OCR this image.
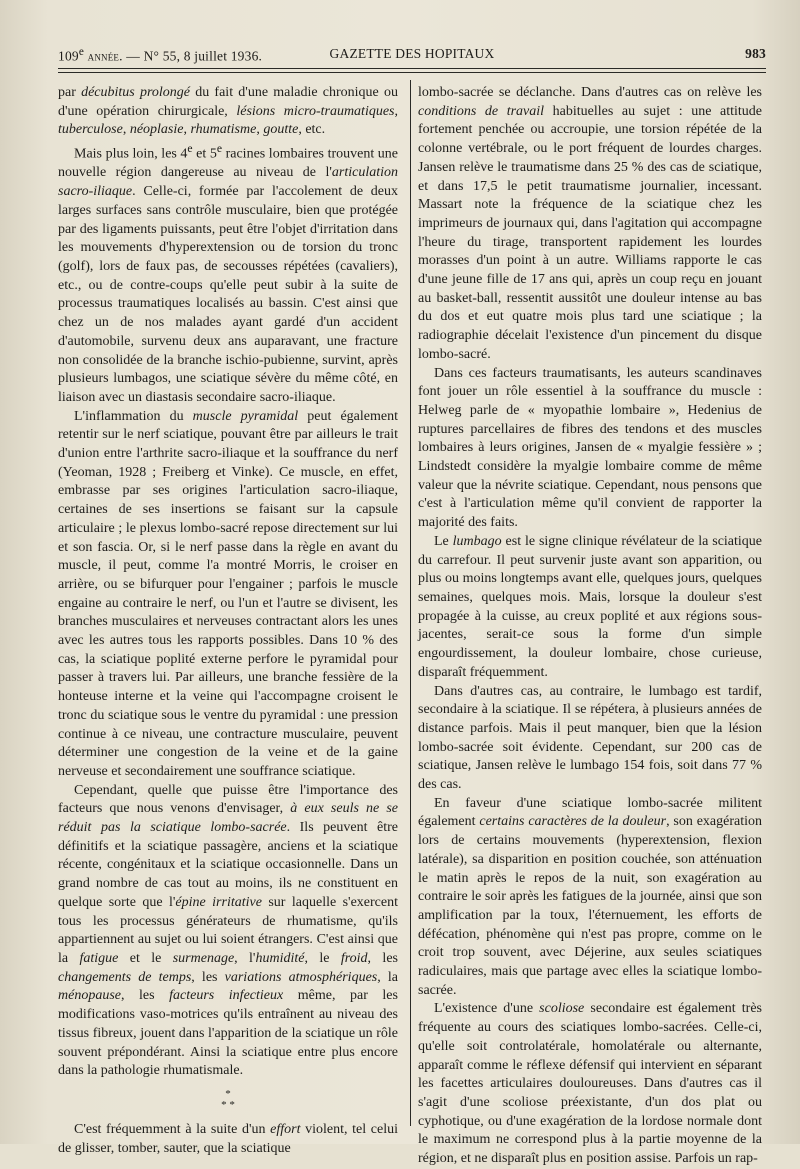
109e année. — N° 55, 8 juillet 1936.	GAZETTE DES HOPITAUX	983

par décubitus prolongé du fait d'une maladie chronique ou d'une opération chirurgicale, lésions micro-traumatiques, tuberculose, néoplasie, rhumatisme, goutte, etc.

Mais plus loin, les 4e et 5e racines lombaires trouvent une nouvelle région dangereuse au niveau de l'articulation sacro-iliaque. Celle-ci, formée par l'accolement de deux larges surfaces sans contrôle musculaire, bien que protégée par des ligaments puissants, peut être l'objet d'irritation dans les mouvements d'hyperextension ou de torsion du tronc (golf), lors de faux pas, de secousses répétées (cavaliers), etc., ou de contre-coups qu'elle peut subir à la suite de processus traumatiques localisés au bassin. C'est ainsi que chez un de nos malades ayant gardé d'un accident d'automobile, survenu deux ans auparavant, une fracture non consolidée de la branche ischio-pubienne, survint, après plusieurs lumbagos, une sciatique sévère du même côté, en liaison avec un diastasis secondaire sacro-iliaque.

L'inflammation du muscle pyramidal peut également retentir sur le nerf sciatique, pouvant être par ailleurs le trait d'union entre l'arthrite sacro-iliaque et la souffrance du nerf (Yeoman, 1928 ; Freiberg et Vinke). Ce muscle, en effet, embrasse par ses origines l'articulation sacro-iliaque, certaines de ses insertions se faisant sur la capsule articulaire ; le plexus lombo-sacré repose directement sur lui et son fascia. Or, si le nerf passe dans la règle en avant du muscle, il peut, comme l'a montré Morris, le croiser en arrière, ou se bifurquer pour l'engainer ; parfois le muscle engaine au contraire le nerf, ou l'un et l'autre se divisent, les branches musculaires et nerveuses contractant alors les unes avec les autres tous les rapports possibles. Dans 10 % des cas, la sciatique poplité externe perfore le pyramidal pour passer à travers lui. Par ailleurs, une branche fessière de la honteuse interne et la veine qui l'accompagne croisent le tronc du sciatique sous le ventre du pyramidal : une pression continue à ce niveau, une contracture musculaire, peuvent déterminer une congestion de la veine et de la gaine nerveuse et secondairement une souffrance sciatique.

Cependant, quelle que puisse être l'importance des facteurs que nous venons d'envisager, à eux seuls ne se réduit pas la sciatique lombo-sacrée. Ils peuvent être définitifs et la sciatique passagère, anciens et la sciatique récente, congénitaux et la sciatique occasionnelle. Dans un grand nombre de cas tout au moins, ils ne constituent en quelque sorte que l'épine irritative sur laquelle s'exercent tous les processus générateurs de rhumatisme, qu'ils appartiennent au sujet ou lui soient étrangers. C'est ainsi que la fatigue et le surmenage, l'humidité, le froid, les changements de temps, les variations atmosphériques, la ménopause, les facteurs infectieux même, par les modifications vaso-motrices qu'ils entraînent au niveau des tissus fibreux, jouent dans l'apparition de la sciatique un rôle souvent prépondérant. Ainsi la sciatique entre plus encore dans la pathologie rhumatismale.

*
* *

C'est fréquemment à la suite d'un effort violent, tel celui de glisser, tomber, sauter, que la sciatique

lombo-sacrée se déclanche. Dans d'autres cas on relève les conditions de travail habituelles au sujet : une attitude fortement penchée ou accroupie, une torsion répétée de la colonne vertébrale, ou le port fréquent de lourdes charges. Jansen relève le traumatisme dans 25 % des cas de sciatique, et dans 17,5 le petit traumatisme journalier, incessant. Massart note la fréquence de la sciatique chez les imprimeurs de journaux qui, dans l'agitation qui accompagne l'heure du tirage, transportent rapidement les lourdes morasses d'un point à un autre. Williams rapporte le cas d'une jeune fille de 17 ans qui, après un coup reçu en jouant au basket-ball, ressentit aussitôt une douleur intense au bas du dos et eut quatre mois plus tard une sciatique ; la radiographie décelait l'existence d'un pincement du disque lombo-sacré.

Dans ces facteurs traumatisants, les auteurs scandinaves font jouer un rôle essentiel à la souffrance du muscle : Helweg parle de « myopathie lombaire », Hedenius de ruptures parcellaires de fibres des tendons et des muscles lombaires à leurs origines, Jansen de « myalgie fessière » ; Lindstedt considère la myalgie lombaire comme de même valeur que la névrite sciatique. Cependant, nous pensons que c'est à l'articulation même qu'il convient de rapporter la majorité des faits.

Le lumbago est le signe clinique révélateur de la sciatique du carrefour. Il peut survenir juste avant son apparition, ou plus ou moins longtemps avant elle, quelques jours, quelques semaines, quelques mois. Mais, lorsque la douleur s'est propagée à la cuisse, au creux poplité et aux régions sous-jacentes, serait-ce sous la forme d'un simple engourdissement, la douleur lombaire, chose curieuse, disparaît fréquemment.

Dans d'autres cas, au contraire, le lumbago est tardif, secondaire à la sciatique. Il se répétera, à plusieurs années de distance parfois. Mais il peut manquer, bien que la lésion lombo-sacrée soit évidente. Cependant, sur 200 cas de sciatique, Jansen relève le lumbago 154 fois, soit dans 77 % des cas.

En faveur d'une sciatique lombo-sacrée militent également certains caractères de la douleur, son exagération lors de certains mouvements (hyperextension, flexion latérale), sa disparition en position couchée, son atténuation le matin après le repos de la nuit, son exagération au contraire le soir après les fatigues de la journée, ainsi que son amplification par la toux, l'éternuement, les efforts de défécation, phénomène qui n'est pas propre, comme on le croit trop souvent, avec Déjerine, aux seules sciatiques radiculaires, mais que partage avec elles la sciatique lombo-sacrée.

L'existence d'une scoliose secondaire est également très fréquente au cours des sciatiques lombo-sacrées. Celle-ci, qu'elle soit controlatérale, homolatérale ou alternante, apparaît comme le réflexe défensif qui intervient en séparant les facettes articulaires douloureuses. Dans d'autres cas il s'agit d'une scoliose préexistante, d'un dos plat ou cyphotique, ou d'une exagération de la lordose normale dont le maximum ne correspond plus à la partie moyenne de la région, et ne disparaît plus en position assise. Parfois un rap-
